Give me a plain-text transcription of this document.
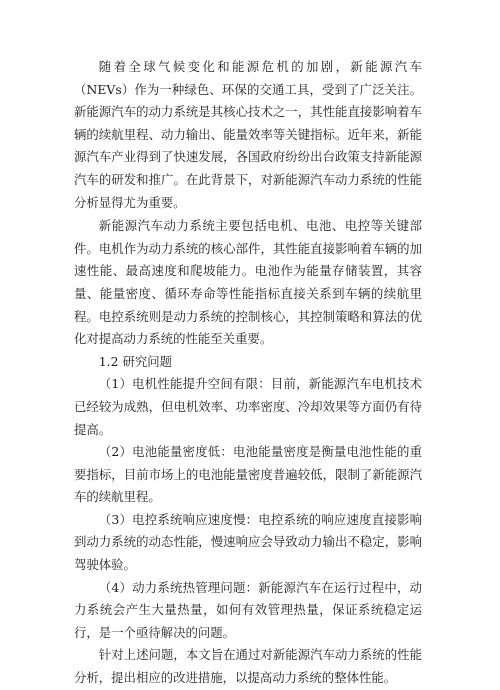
随着全球气候变化和能源危机的加剧，新能源汽车（NEVs）作为一种绿色、环保的交通工具，受到了广泛关注。新能源汽车的动力系统是其核心技术之一，其性能直接影响着车辆的续航里程、动力输出、能量效率等关键指标。近年来，新能源汽车产业得到了快速发展，各国政府纷纷出台政策支持新能源汽车的研发和推广。在此背景下，对新能源汽车动力系统的性能分析显得尤为重要。

新能源汽车动力系统主要包括电机、电池、电控等关键部件。电机作为动力系统的核心部件，其性能直接影响着车辆的加速性能、最高速度和爬坡能力。电池作为能量存储装置，其容量、能量密度、循环寿命等性能指标直接关系到车辆的续航里程。电控系统则是动力系统的控制核心，其控制策略和算法的优化对提高动力系统的性能至关重要。

1.2 研究问题

（1）电机性能提升空间有限：目前，新能源汽车电机技术已经较为成熟，但电机效率、功率密度、冷却效果等方面仍有待提高。

（2）电池能量密度低：电池能量密度是衡量电池性能的重要指标，目前市场上的电池能量密度普遍较低，限制了新能源汽车的续航里程。

（3）电控系统响应速度慢：电控系统的响应速度直接影响到动力系统的动态性能，慢速响应会导致动力输出不稳定，影响驾驶体验。

（4）动力系统热管理问题：新能源汽车在运行过程中，动力系统会产生大量热量，如何有效管理热量，保证系统稳定运行，是一个亟待解决的问题。

针对上述问题，本文旨在通过对新能源汽车动力系统的性能分析，提出相应的改进措施，以提高动力系统的整体性能。
